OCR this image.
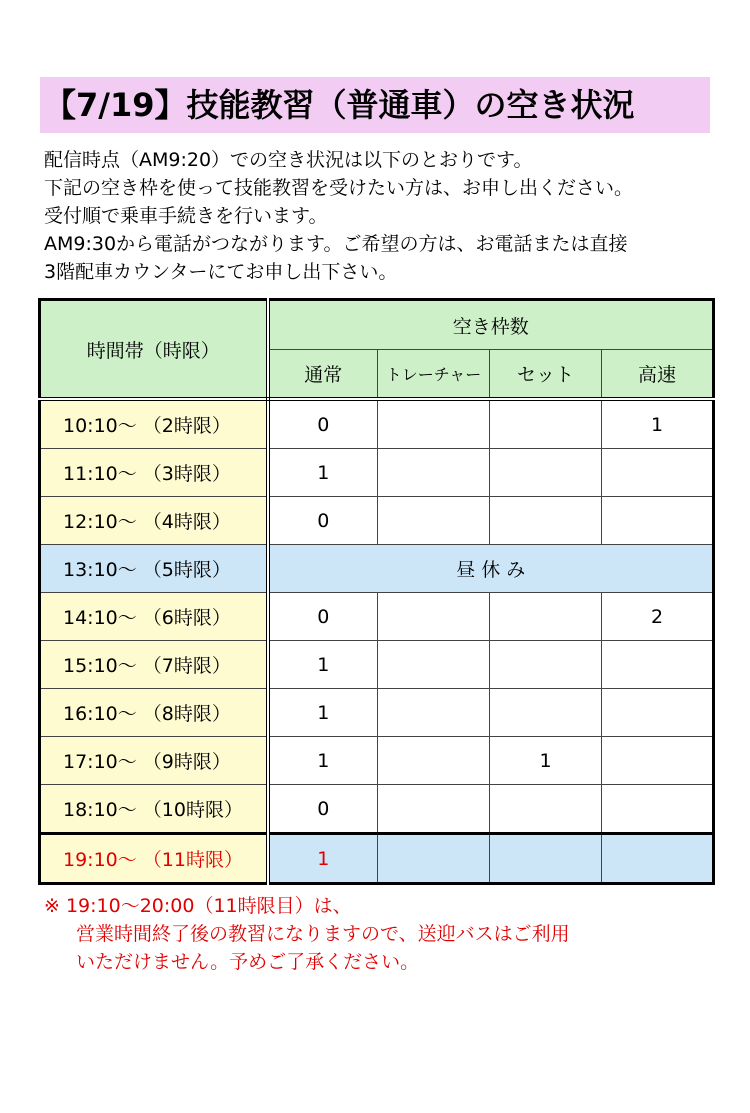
【7/19】技能教習（普通車）の空き状況
配信時点（AM9:20）での空き状況は以下のとおりです。
下記の空き枠を使って技能教習を受けたい方は、お申し出ください。
受付順で乗車手続きを行います。
AM9:30から電話がつながります。ご希望の方は、お電話または直接
3階配車カウンターにてお申し出下さい。
時間帯（時限）	空き枠数			
	通常	トレーチャー	セット	高速
10:10～ （2時限）	0			1
11:10～ （3時限）	1			
12:10～ （4時限）	0			
13:10～ （5時限）	昼 休 み			
14:10～ （6時限）	0			2
15:10～ （7時限）	1			
16:10～ （8時限）	1			
17:10～ （9時限）	1		1	
18:10～ （10時限）	0			
19:10～ （11時限）	1			
※ 19:10～20:00（11時限目）は、
営業時間終了後の教習になりますので、送迎バスはご利用
いただけません。予めご了承ください。
